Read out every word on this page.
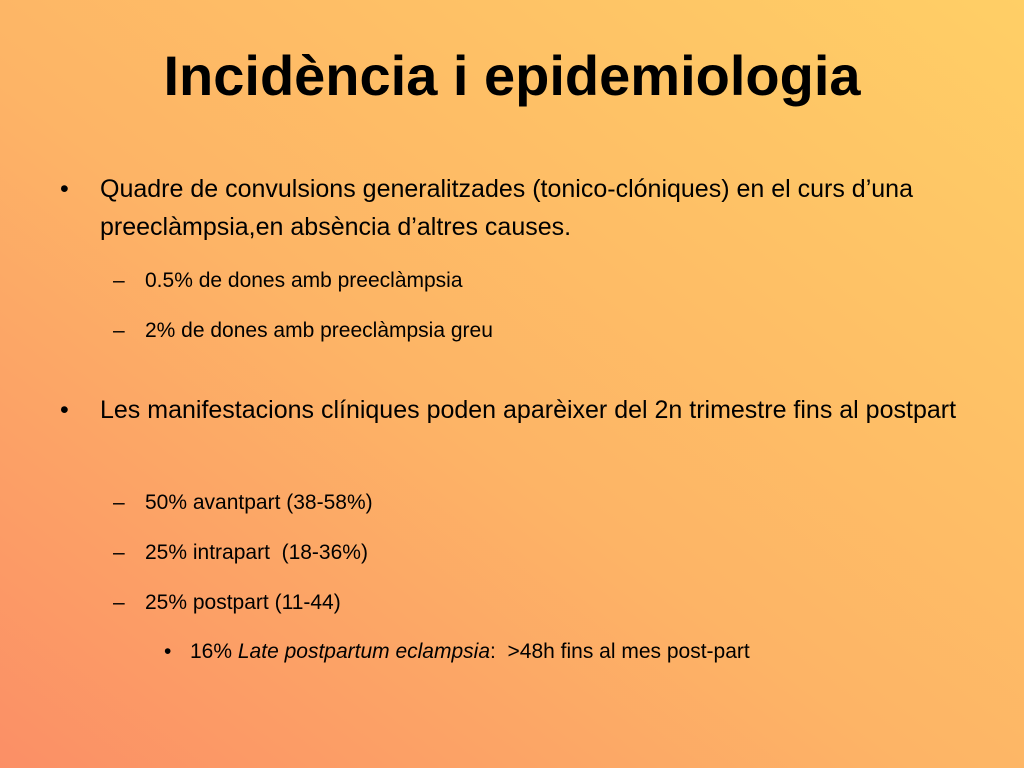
Incidència i epidemiologia
• Quadre de convulsions generalitzades (tonico-clóniques) en el curs d’una preeclàmpsia,en absència d’altres causes.
– 0.5% de dones amb preeclàmpsia
– 2% de dones amb preeclàmpsia greu
• Les manifestacions clíniques poden aparèixer del 2n trimestre fins al postpart
– 50% avantpart (38-58%)
– 25% intrapart  (18-36%)
– 25% postpart (11-44)
• 16% Late postpartum eclampsia:  >48h fins al mes post-part
